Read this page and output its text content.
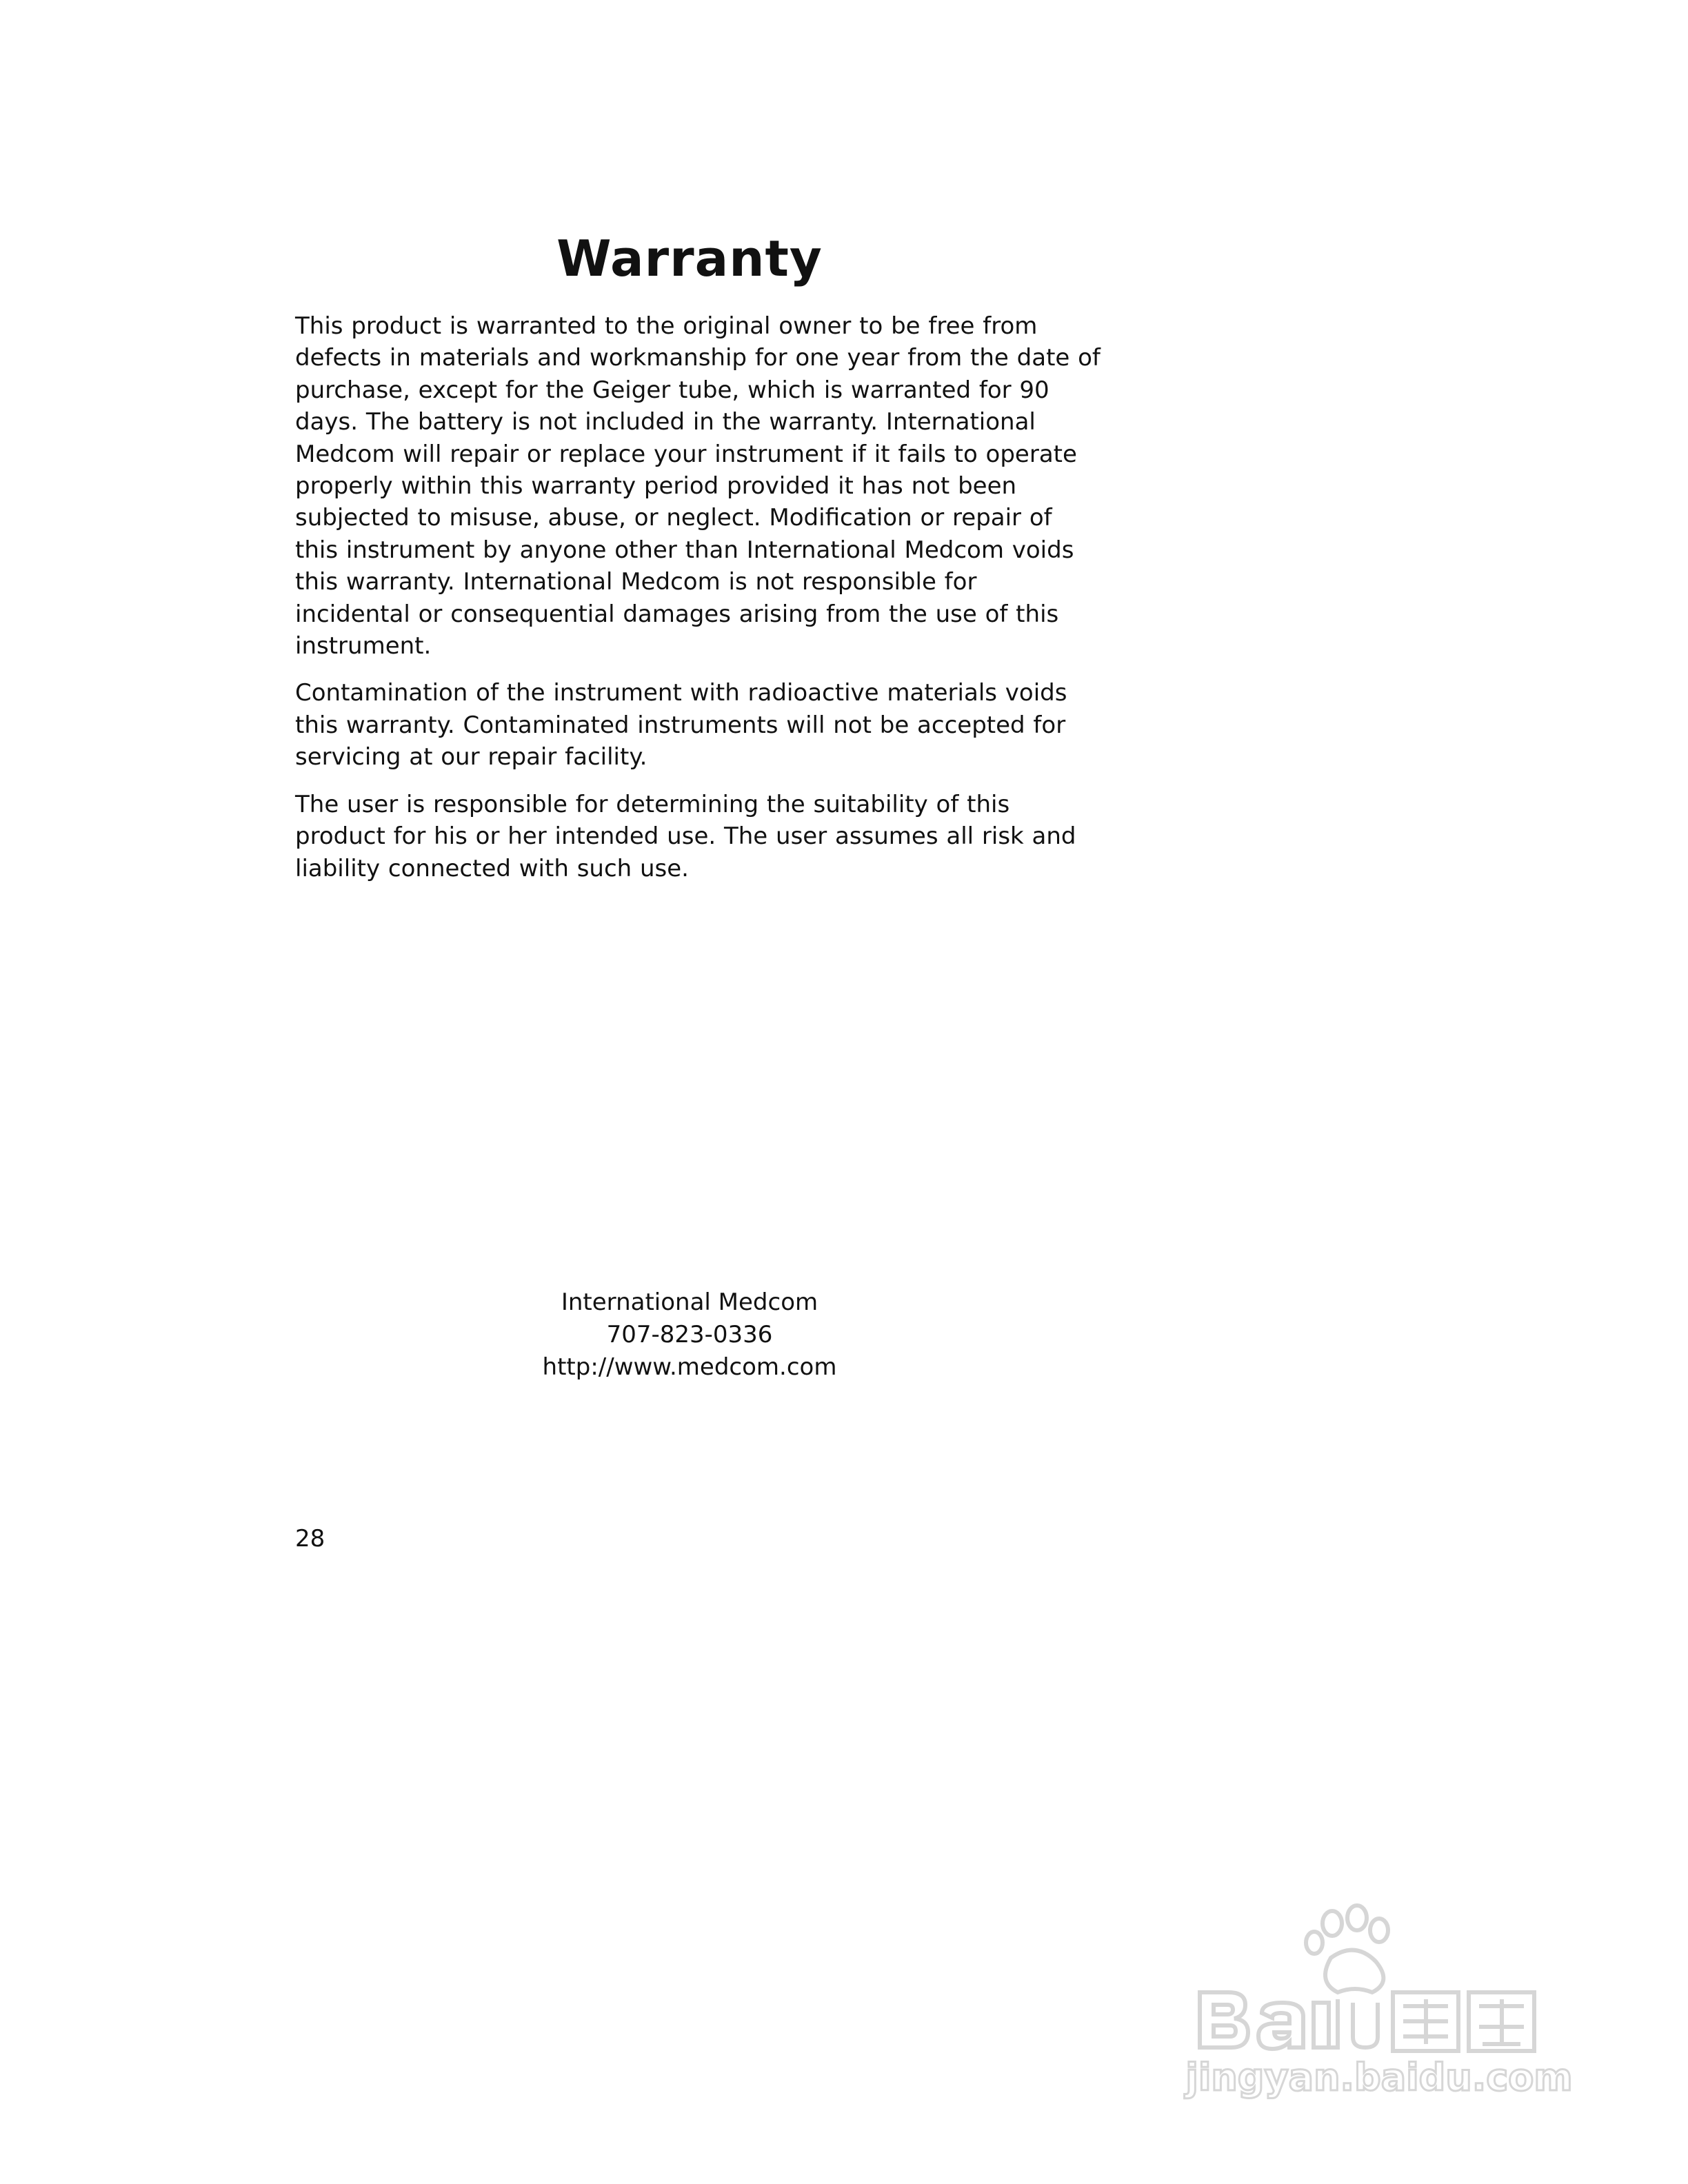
Warranty

This product is warranted to the original owner to be free from
defects in materials and workmanship for one year from the date of
purchase, except for the Geiger tube, which is warranted for 90
days. The battery is not included in the warranty. International
Medcom will repair or replace your instrument if it fails to operate
properly within this warranty period provided it has not been
subjected to misuse, abuse, or neglect. Modification or repair of
this instrument by anyone other than International Medcom voids
this warranty. International Medcom is not responsible for
incidental or consequential damages arising from the use of this
instrument.

Contamination of the instrument with radioactive materials voids
this warranty. Contaminated instruments will not be accepted for
servicing at our repair facility.

The user is responsible for determining the suitability of this
product for his or her intended use. The user assumes all risk and
liability connected with such use.

International Medcom
707-823-0336
http://www.medcom.com
28
jingyan.baidu.com
